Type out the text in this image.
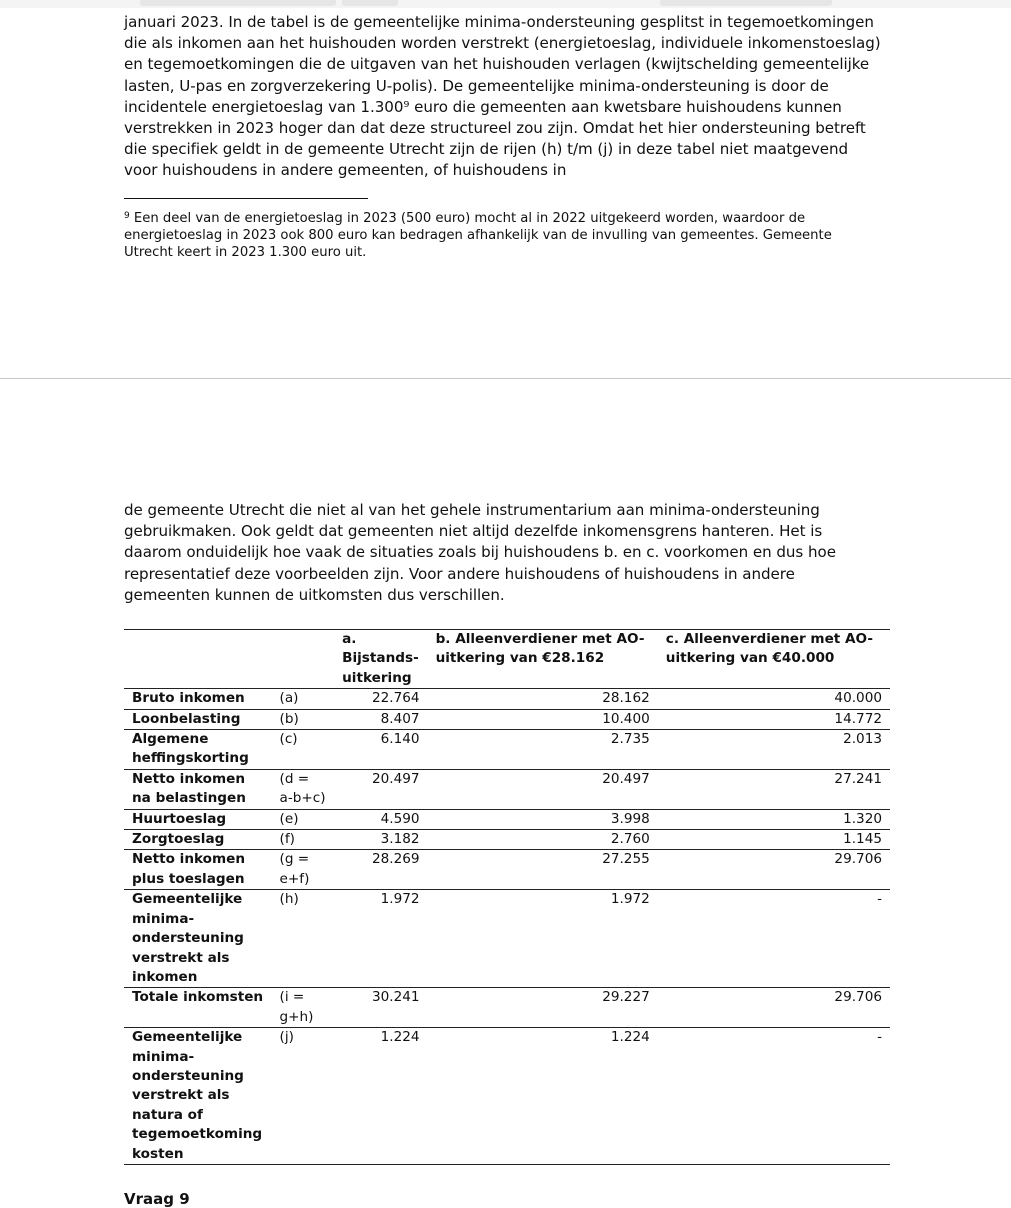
januari 2023. In de tabel is de gemeentelijke minima-ondersteuning gesplitst in tegemoetkomingen die als inkomen aan het huishouden worden verstrekt (energietoeslag, individuele inkomenstoeslag) en tegemoetkomingen die de uitgaven van het huishouden verlagen (kwijtschelding gemeentelijke lasten, U-pas en zorgverzekering U-polis). De gemeentelijke minima-ondersteuning is door de incidentele energietoeslag van 1.300⁹ euro die gemeenten aan kwetsbare huishoudens kunnen verstrekken in 2023 hoger dan dat deze structureel zou zijn. Omdat het hier ondersteuning betreft die specifiek geldt in de gemeente Utrecht zijn de rijen (h) t/m (j) in deze tabel niet maatgevend voor huishoudens in andere gemeenten, of huishoudens in
$^9$ Een deel van de energietoeslag in 2023 (500 euro) mocht al in 2022 uitgekeerd worden, waardoor de energietoeslag in 2023 ook 800 euro kan bedragen afhankelijk van de invulling van gemeentes. Gemeente Utrecht keert in 2023 1.300 euro uit.
de gemeente Utrecht die niet al van het gehele instrumentarium aan minima-ondersteuning gebruikmaken. Ook geldt dat gemeenten niet altijd dezelfde inkomensgrens hanteren. Het is daarom onduidelijk hoe vaak de situaties zoals bij huishoudens b. en c. voorkomen en dus hoe representatief deze voorbeelden zijn. Voor andere huishoudens of huishoudens in andere gemeenten kunnen de uitkomsten dus verschillen.
		a. Bijstands-uitkering	b. Alleenverdiener met AO-uitkering van €28.162	c. Alleenverdiener met AO-uitkering van €40.000
Bruto inkomen	(a)	22.764	28.162	40.000
Loonbelasting	(b)	8.407	10.400	14.772
Algemene heffingskorting	(c)	6.140	2.735	2.013
Netto inkomen na belastingen	(d = a-b+c)	20.497	20.497	27.241
Huurtoeslag	(e)	4.590	3.998	1.320
Zorgtoeslag	(f)	3.182	2.760	1.145
Netto inkomen plus toeslagen	(g = e+f)	28.269	27.255	29.706
Gemeentelijke minima-ondersteuning verstrekt als inkomen	(h)	1.972	1.972	-
Totale inkomsten	(i = g+h)	30.241	29.227	29.706
Gemeentelijke minima-ondersteuning verstrekt als natura of tegemoetkoming kosten	(j)	1.224	1.224	-
Vraag 9
